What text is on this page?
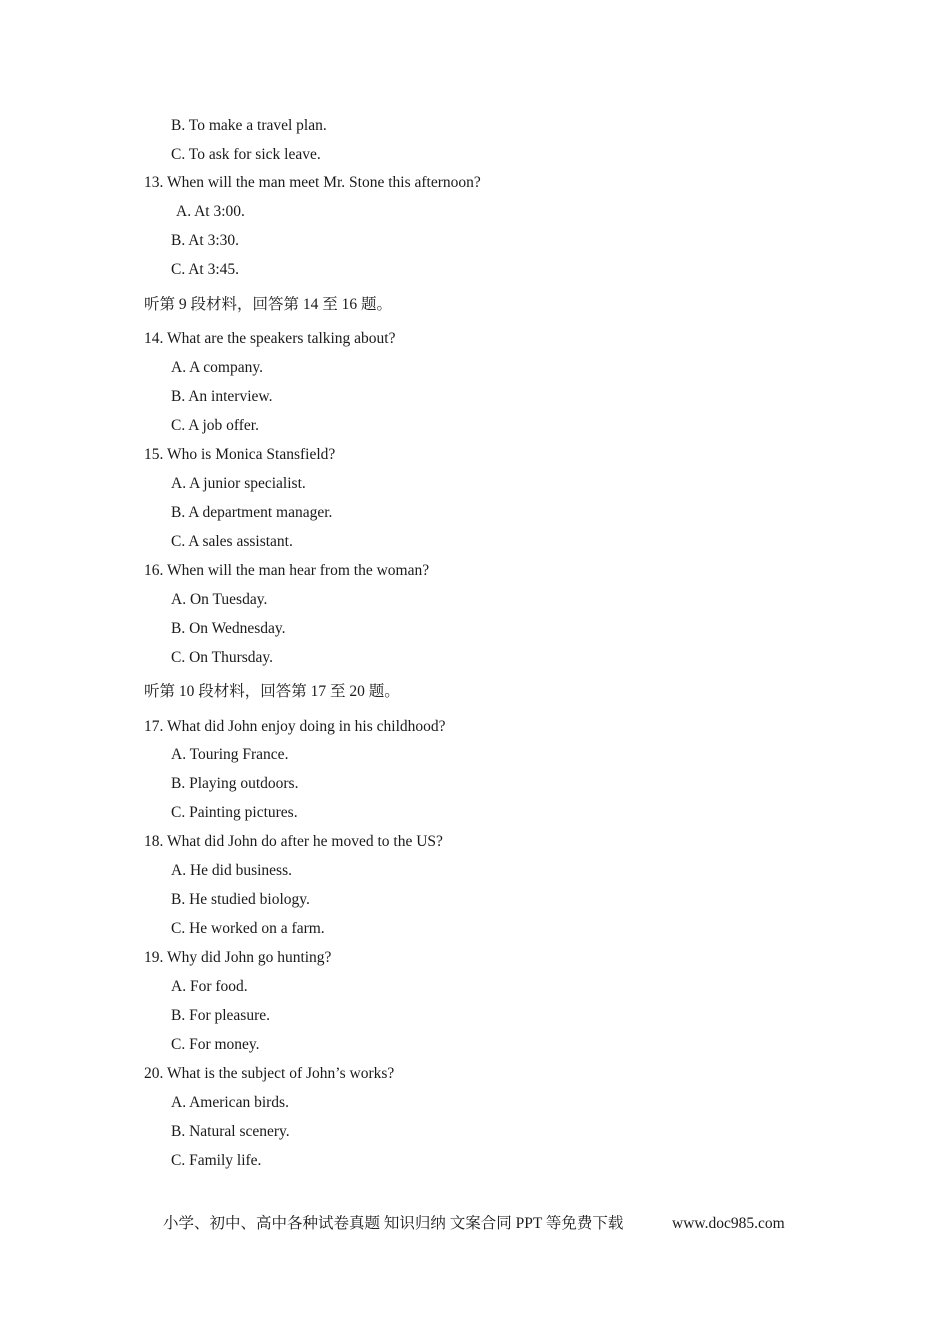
B. To make a travel plan.
C. To ask for sick leave.
13. When will the man meet Mr. Stone this afternoon?
A. At 3:00.
B. At 3:30.
C. At 3:45.
听第 9 段材料，回答第 14 至 16 题。
14. What are the speakers talking about?
A. A company.
B. An interview.
C. A job offer.
15. Who is Monica Stansfield?
A. A junior specialist.
B. A department manager.
C. A sales assistant.
16. When will the man hear from the woman?
A. On Tuesday.
B. On Wednesday.
C. On Thursday.
听第 10 段材料，回答第 17 至 20 题。
17. What did John enjoy doing in his childhood?
A. Touring France.
B. Playing outdoors.
C. Painting pictures.
18. What did John do after he moved to the US?
A. He did business.
B. He studied biology.
C. He worked on a farm.
19. Why did John go hunting?
A. For food.
B. For pleasure.
C. For money.
20. What is the subject of John’s works?
A. American birds.
B. Natural scenery.
C. Family life.
小学、初中、高中各种试卷真题 知识归纳 文案合同 PPT 等免费下载	www.doc985.com
